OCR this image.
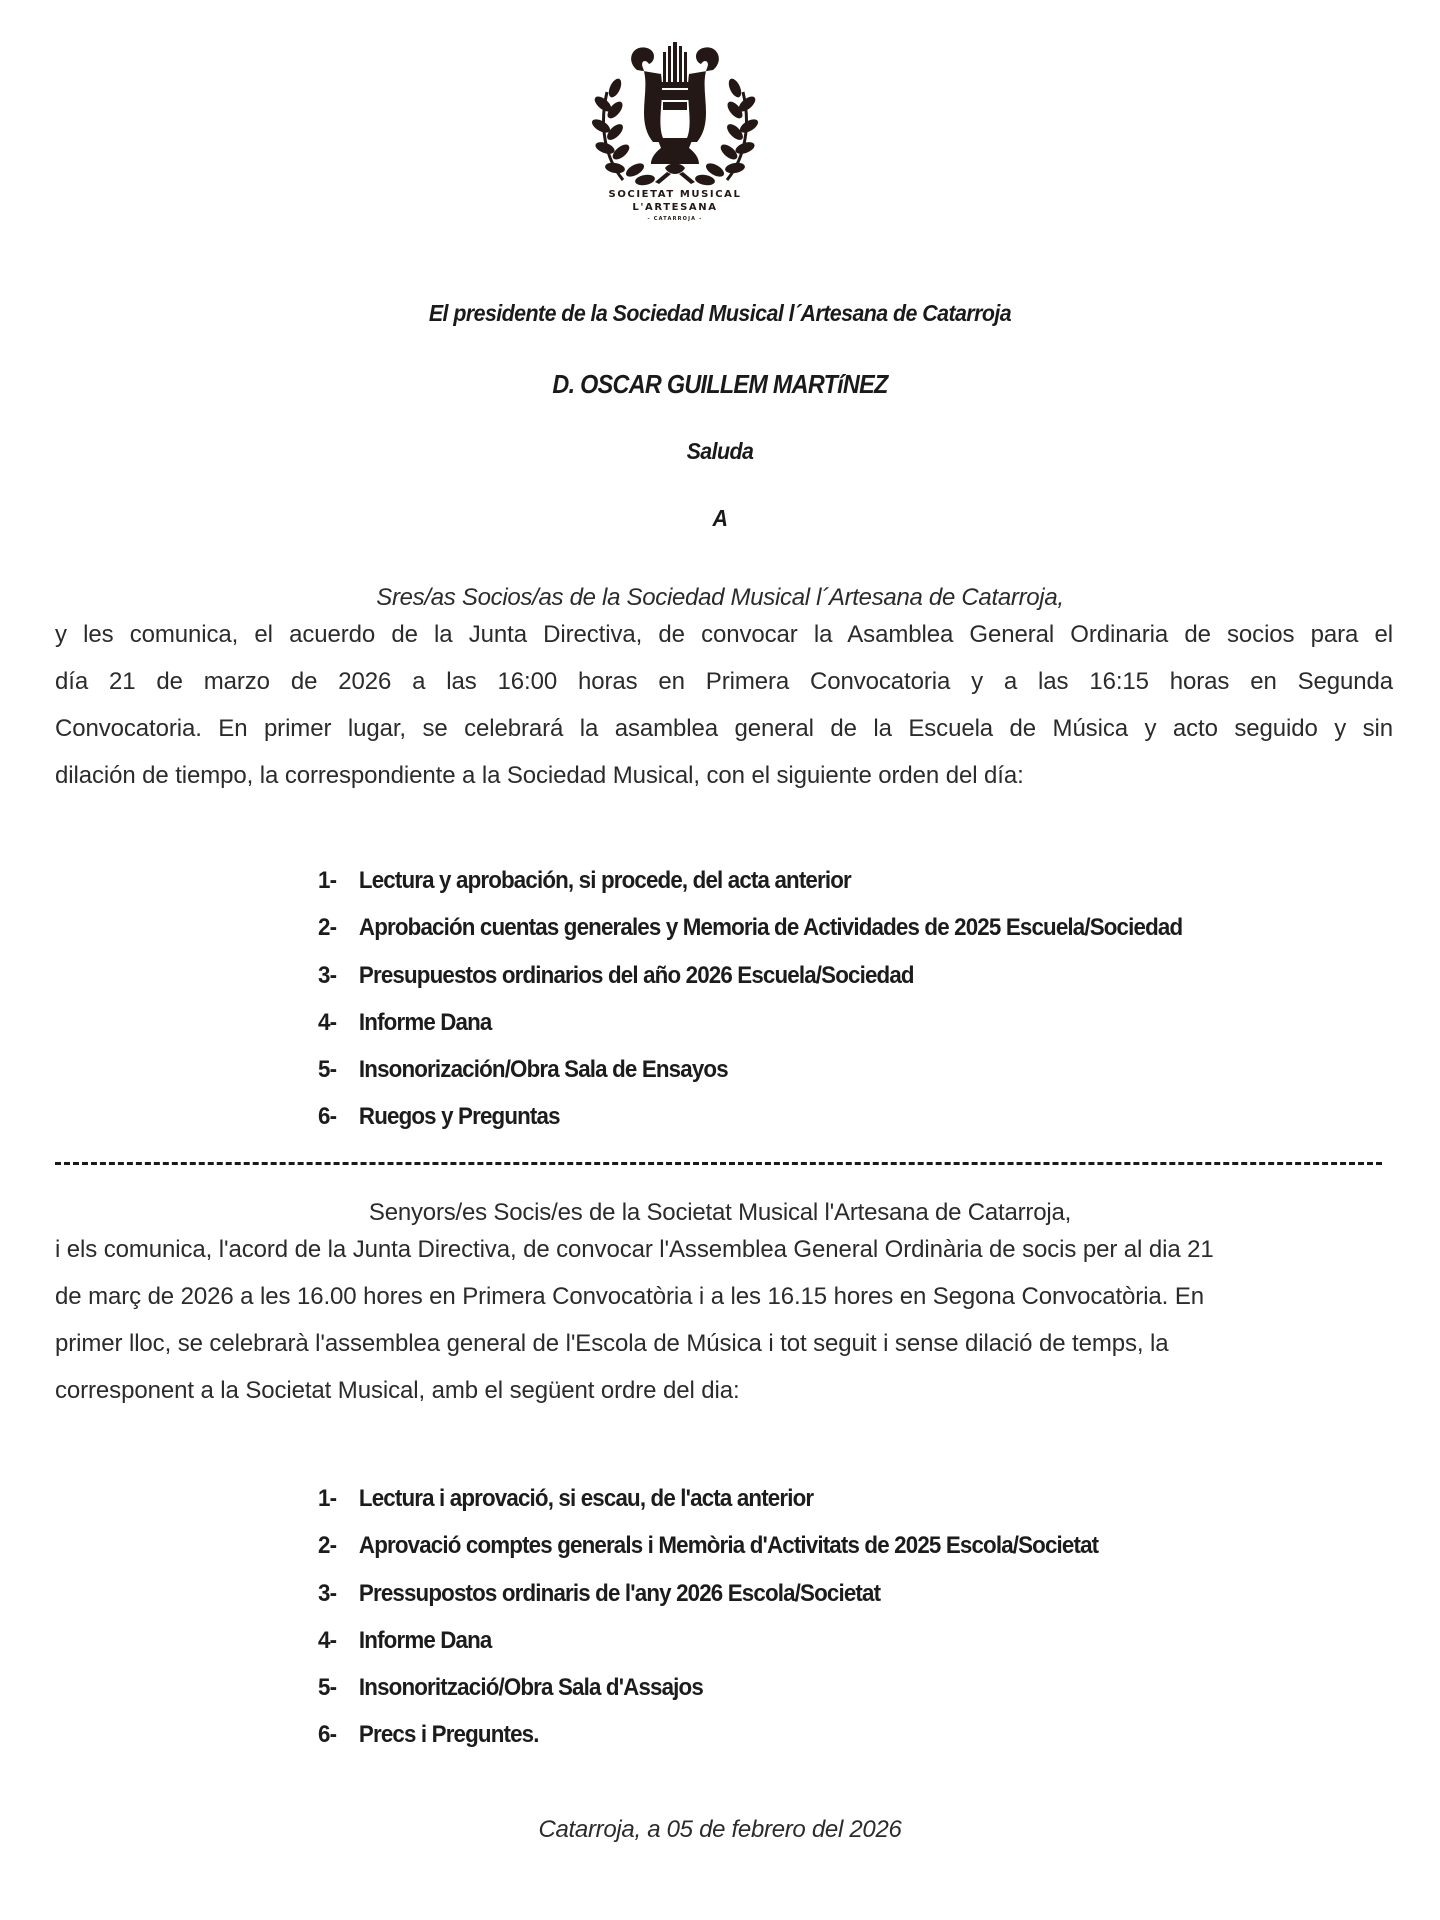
SOCIETAT MUSICAL
L'ARTESANA
- CATARROJA -
El presidente de la Sociedad Musical l´Artesana de Catarroja
D. OSCAR GUILLEM MARTíNEZ
Saluda
A
Sres/as Socios/as de la Sociedad Musical l´Artesana de Catarroja,
y les comunica, el acuerdo de la Junta Directiva, de convocar la Asamblea General Ordinaria de socios para el
día 21 de marzo de 2026 a las 16:00 horas en Primera Convocatoria y a las 16:15 horas en Segunda
Convocatoria. En primer lugar, se celebrará la asamblea general de la Escuela de Música y acto seguido y sin
dilación de tiempo, la correspondiente a la Sociedad Musical, con el siguiente orden del día:
1- Lectura y aprobación, si procede, del acta anterior
2- Aprobación cuentas generales y Memoria de Actividades de 2025 Escuela/Sociedad
3- Presupuestos ordinarios del año 2026 Escuela/Sociedad
4- Informe Dana
5- Insonorización/Obra Sala de Ensayos
6- Ruegos y Preguntas
Senyors/es Socis/es de la Societat Musical l'Artesana de Catarroja,
i els comunica, l'acord de la Junta Directiva, de convocar l'Assemblea General Ordinària de socis per al dia 21
de març de 2026 a les 16.00 hores en Primera Convocatòria i a les 16.15 hores en Segona Convocatòria. En
primer lloc, se celebrarà l'assemblea general de l'Escola de Música i tot seguit i sense dilació de temps, la
corresponent a la Societat Musical, amb el següent ordre del dia:
1- Lectura i aprovació, si escau, de l'acta anterior
2- Aprovació comptes generals i Memòria d'Activitats de 2025 Escola/Societat
3- Pressupostos ordinaris de l'any 2026 Escola/Societat
4- Informe Dana
5- Insonorització/Obra Sala d'Assajos
6- Precs i Preguntes.
Catarroja, a 05 de febrero del 2026
